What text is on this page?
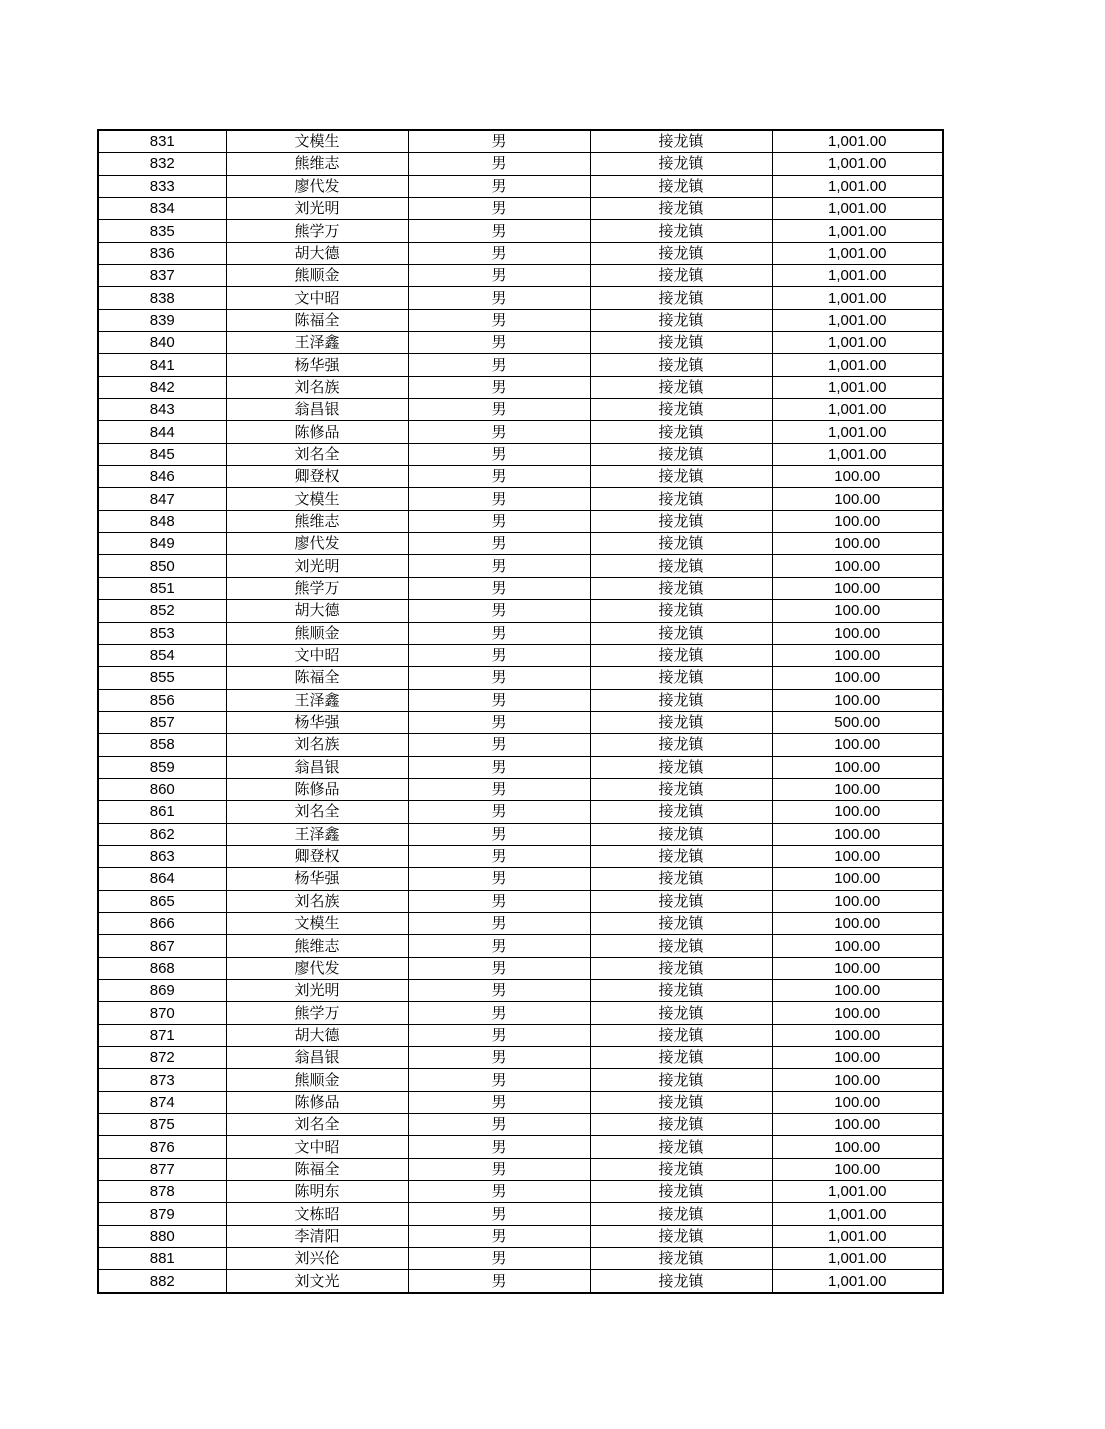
831	文模生	男	接龙镇	1,001.00
832	熊维志	男	接龙镇	1,001.00
833	廖代发	男	接龙镇	1,001.00
834	刘光明	男	接龙镇	1,001.00
835	熊学万	男	接龙镇	1,001.00
836	胡大德	男	接龙镇	1,001.00
837	熊顺金	男	接龙镇	1,001.00
838	文中昭	男	接龙镇	1,001.00
839	陈福全	男	接龙镇	1,001.00
840	王泽鑫	男	接龙镇	1,001.00
841	杨华强	男	接龙镇	1,001.00
842	刘名族	男	接龙镇	1,001.00
843	翁昌银	男	接龙镇	1,001.00
844	陈修品	男	接龙镇	1,001.00
845	刘名全	男	接龙镇	1,001.00
846	卿登权	男	接龙镇	100.00
847	文模生	男	接龙镇	100.00
848	熊维志	男	接龙镇	100.00
849	廖代发	男	接龙镇	100.00
850	刘光明	男	接龙镇	100.00
851	熊学万	男	接龙镇	100.00
852	胡大德	男	接龙镇	100.00
853	熊顺金	男	接龙镇	100.00
854	文中昭	男	接龙镇	100.00
855	陈福全	男	接龙镇	100.00
856	王泽鑫	男	接龙镇	100.00
857	杨华强	男	接龙镇	500.00
858	刘名族	男	接龙镇	100.00
859	翁昌银	男	接龙镇	100.00
860	陈修品	男	接龙镇	100.00
861	刘名全	男	接龙镇	100.00
862	王泽鑫	男	接龙镇	100.00
863	卿登权	男	接龙镇	100.00
864	杨华强	男	接龙镇	100.00
865	刘名族	男	接龙镇	100.00
866	文模生	男	接龙镇	100.00
867	熊维志	男	接龙镇	100.00
868	廖代发	男	接龙镇	100.00
869	刘光明	男	接龙镇	100.00
870	熊学万	男	接龙镇	100.00
871	胡大德	男	接龙镇	100.00
872	翁昌银	男	接龙镇	100.00
873	熊顺金	男	接龙镇	100.00
874	陈修品	男	接龙镇	100.00
875	刘名全	男	接龙镇	100.00
876	文中昭	男	接龙镇	100.00
877	陈福全	男	接龙镇	100.00
878	陈明东	男	接龙镇	1,001.00
879	文栋昭	男	接龙镇	1,001.00
880	李清阳	男	接龙镇	1,001.00
881	刘兴伦	男	接龙镇	1,001.00
882	刘文光	男	接龙镇	1,001.00
